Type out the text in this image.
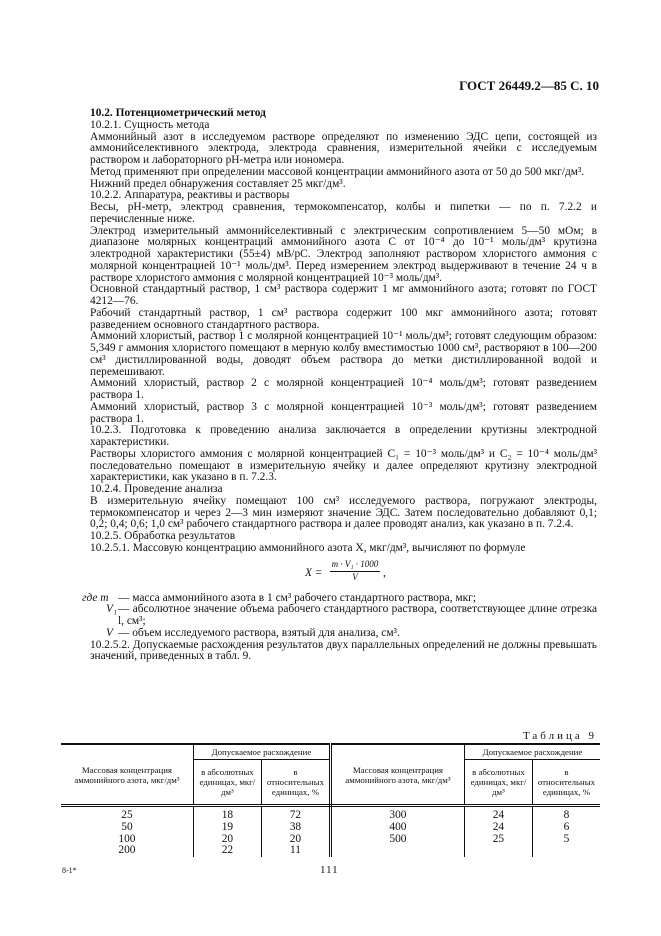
ГОСТ 26449.2—85 С. 10

10.2. Потенциометрический метод

10.2.1. Сущность метода

Аммонийный азот в исследуемом растворе определяют по изменению ЭДС цепи, состоящей из аммонийселективного электрода, электрода сравнения, измерительной ячейки с исследуемым раствором и лабораторного pH-метра или иономера.

Метод применяют при определении массовой концентрации аммонийного азота от 50 до 500 мкг/дм³.

Нижний предел обнаружения составляет 25 мкг/дм³.

10.2.2. Аппаратура, реактивы и растворы

Весы, pH-метр, электрод сравнения, термокомпенсатор, колбы и пипетки — по п. 7.2.2 и перечисленные ниже.

Электрод измерительный аммонийселективный с электрическим сопротивлением 5—50 мОм; в диапазоне молярных концентраций аммонийного азота C от 10⁻⁴ до 10⁻¹ моль/дм³ крутизна электродной характеристики (55±4) мВ/pC. Электрод заполняют раствором хлористого аммония с молярной концентрацией 10⁻¹ моль/дм³. Перед измерением электрод выдерживают в течение 24 ч в растворе хлористого аммония с молярной концентрацией 10⁻³ моль/дм³.

Основной стандартный раствор, 1 см³ раствора содержит 1 мг аммонийного азота; готовят по ГОСТ 4212—76.

Рабочий стандартный раствор, 1 см³ раствора содержит 100 мкг аммонийного азота; готовят разведением основного стандартного раствора.

Аммоний хлористый, раствор 1 с молярной концентрацией 10⁻¹ моль/дм³; готовят следующим образом: 5,349 г аммония хлористого помещают в мерную колбу вместимостью 1000 см³, растворяют в 100—200 см³ дистиллированной воды, доводят объем раствора до метки дистиллированной водой и перемешивают.

Аммоний хлористый, раствор 2 с молярной концентрацией 10⁻⁴ моль/дм³; готовят разведением раствора 1.

Аммоний хлористый, раствор 3 с молярной концентрацией 10⁻³ моль/дм³; готовят разведением раствора 1.

10.2.3. Подготовка к проведению анализа заключается в определении крутизны электродной характеристики.

Растворы хлористого аммония с молярной концентрацией C₁ = 10⁻³ моль/дм³ и C₂ = 10⁻⁴ моль/дм³ последовательно помещают в измерительную ячейку и далее определяют крутизну электродной характеристики, как указано в п. 7.2.3.

10.2.4. Проведение анализа

В измерительную ячейку помещают 100 см³ исследуемого раствора, погружают электроды, термокомпенсатор и через 2—3 мин измеряют значение ЭДС. Затем последовательно добавляют 0,1; 0,2; 0,4; 0,6; 1,0 см³ рабочего стандартного раствора и далее проводят анализ, как указано в п. 7.2.4.

10.2.5. Обработка результатов

10.2.5.1. Массовую концентрацию аммонийного азота X, мкг/дм³, вычисляют по формуле

$X = \frac{\text{m · V₁ · 1000}}{V}$ ,
где m — масса аммонийного азота в 1 см³ рабочего стандартного раствора, мкг;
V₁ — абсолютное значение объема рабочего стандартного раствора, соответствующее длине отрезка l, см³;
V — объем исследуемого раствора, взятый для анализа, см³.

10.2.5.2. Допускаемые расхождения результатов двух параллельных определений не должны превышать значений, приведенных в табл. 9.

Таблица 9
Массовая концентрация аммонийного азота, мкг/дм³	Допускаемое расхождение		Массовая концентрация аммонийного азота, мкг/дм³	Допускаемое расхождение	
	в абсолютных единицах, мкг/дм³	в относительных единицах, %		в абсолютных единицах, мкг/дм³	в относительных единицах, %
25	18	72	300	24	8
50	19	38	400	24	6
100	20	20	500	25	5
200	22	11			
8-1*	111
